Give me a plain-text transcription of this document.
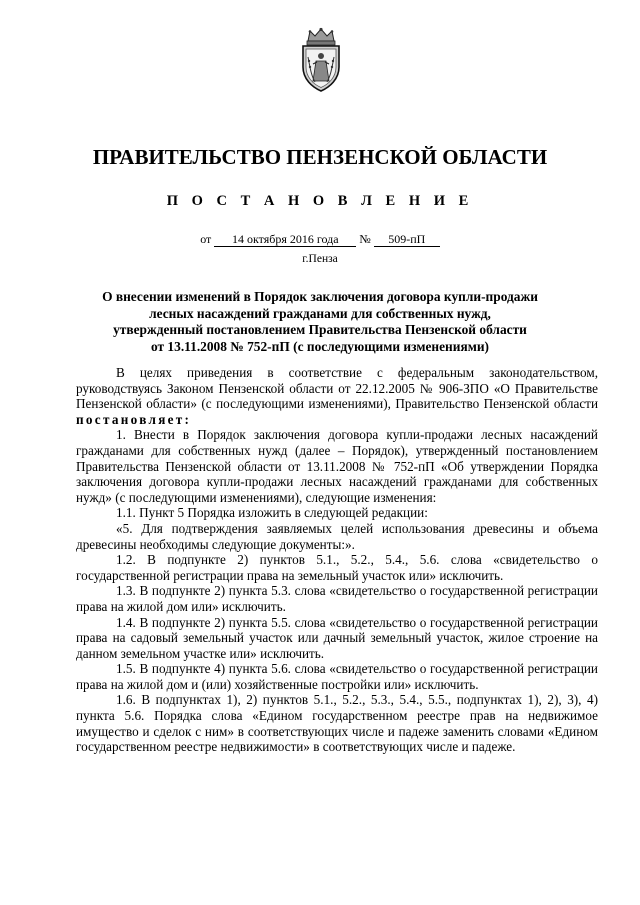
ПРАВИТЕЛЬСТВО ПЕНЗЕНСКОЙ ОБЛАСТИ
П О С Т А Н О В Л Е Н И Е
от 14 октября 2016 года № 509-пП
г.Пенза
О внесении изменений в Порядок заключения договора купли-продажи
лесных насаждений гражданами для собственных нужд,
утвержденный постановлением Правительства Пензенской области
от 13.11.2008 № 752-пП (с последующими изменениями)

В целях приведения в соответствие с федеральным законодательством, руководствуясь Законом Пензенской области от 22.12.2005 № 906-ЗПО «О Правительстве Пензенской области» (с последующими изменениями), Правительство Пензенской области постановляет:

1. Внести в Порядок заключения договора купли-продажи лесных насаждений гражданами для собственных нужд (далее – Порядок), утвержденный постановлением Правительства Пензенской области от 13.11.2008 № 752-пП «Об утверждении Порядка заключения договора купли-продажи лесных насаждений гражданами для собственных нужд» (с последующими изменениями), следующие изменения:

1.1. Пункт 5 Порядка изложить в следующей редакции:

«5. Для подтверждения заявляемых целей использования древесины и объема древесины необходимы следующие документы:».

1.2. В подпункте 2) пунктов 5.1., 5.2., 5.4., 5.6. слова «свидетельство о государственной регистрации права на земельный участок или» исключить.

1.3. В подпункте 2) пункта 5.3. слова «свидетельство о государственной регистрации права на жилой дом или» исключить.

1.4. В подпункте 2) пункта 5.5. слова «свидетельство о государственной регистрации права на садовый земельный участок или дачный земельный участок, жилое строение на данном земельном участке или» исключить.

1.5. В подпункте 4) пункта 5.6. слова «свидетельство о государственной регистрации права на жилой дом и (или) хозяйственные постройки или» исключить.

1.6. В подпунктах 1), 2) пунктов 5.1., 5.2., 5.3., 5.4., 5.5., подпунктах 1), 2), 3), 4) пункта 5.6. Порядка слова «Едином государственном реестре прав на недвижимое имущество и сделок с ним» в соответствующих числе и падеже заменить словами «Едином государственном реестре недвижимости» в соответствующих числе и падеже.
